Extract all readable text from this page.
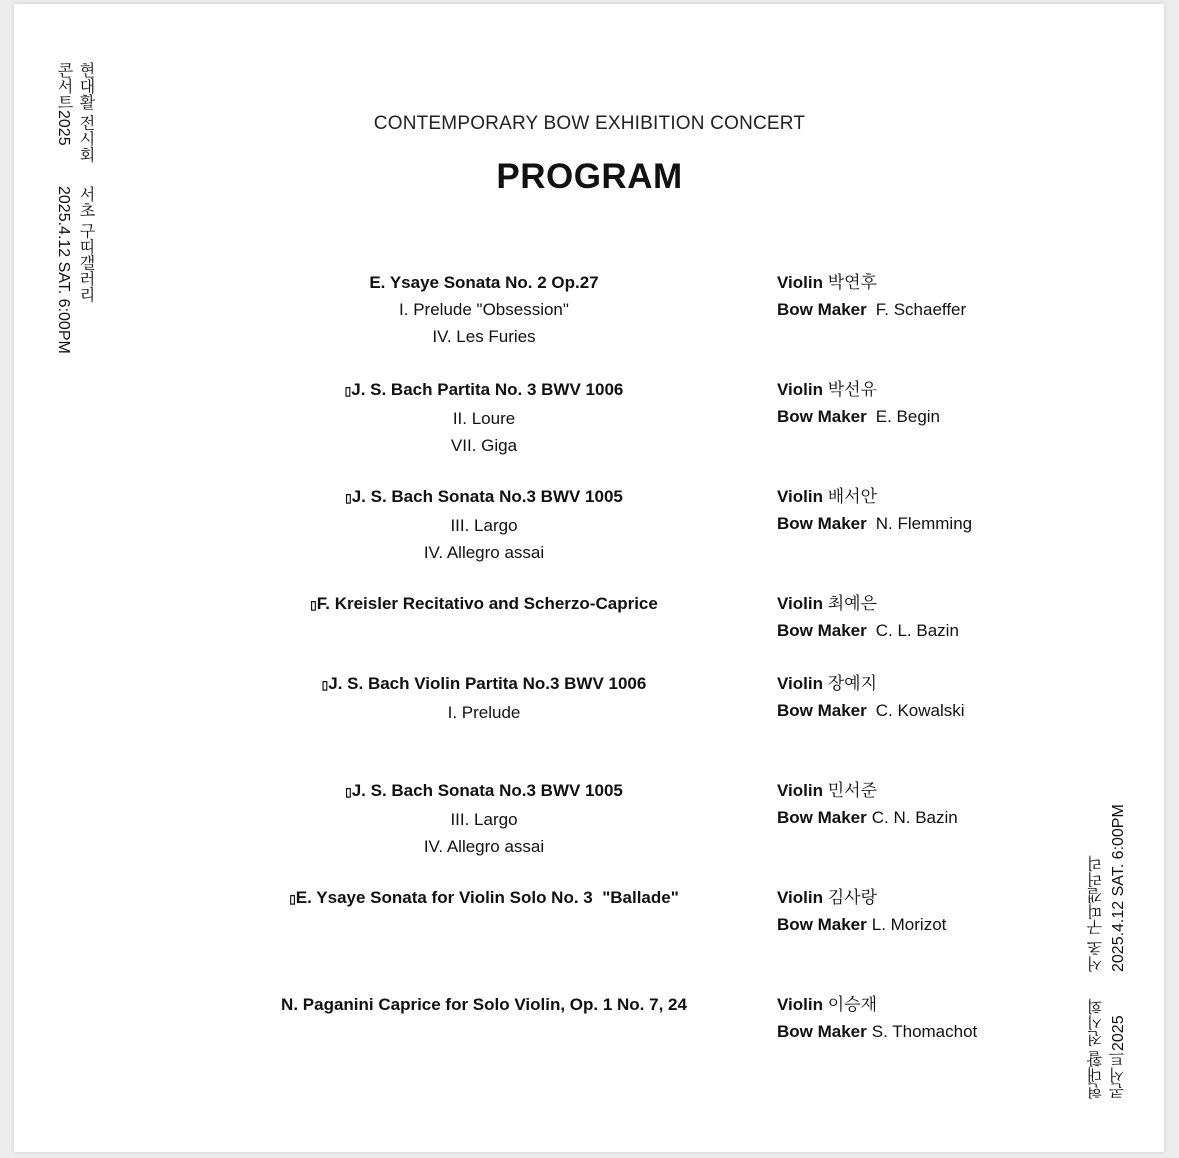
CONTEMPORARY BOW EXHIBITION CONCERT
PROGRAM
현대활 전시회
콘서트2025
서초 구띠갤러리
2025.4.12 SAT. 6:00PM
서초 구띠갤러리 2025.4.12 SAT. 6:00PM
현대활 전시회 콘서트2025
E. Ysaye Sonata No. 2 Op.27
I. Prelude "Obsession"
IV. Les Furies
Violin 박연후
Bow Maker F. Schaeffer
▯J. S. Bach Partita No. 3 BWV 1006
II. Loure
VII. Giga
Violin 박선유
Bow Maker E. Begin
▯J. S. Bach Sonata No.3 BWV 1005
III. Largo
IV. Allegro assai
Violin 배서안
Bow Maker N. Flemming
▯F. Kreisler Recitativo and Scherzo-Caprice	Violin 최예은
Bow Maker C. L. Bazin
▯J. S. Bach Violin Partita No.3 BWV 1006
I. Prelude
Violin 장예지
Bow Maker C. Kowalski
▯J. S. Bach Sonata No.3 BWV 1005
III. Largo
IV. Allegro assai
Violin 민서준
Bow Maker C. N. Bazin
▯E. Ysaye Sonata for Violin Solo No. 3  "Ballade"	Violin 김사랑
Bow Maker L. Morizot
N. Paganini Caprice for Solo Violin, Op. 1 No. 7, 24	Violin 이승재
Bow Maker S. Thomachot
